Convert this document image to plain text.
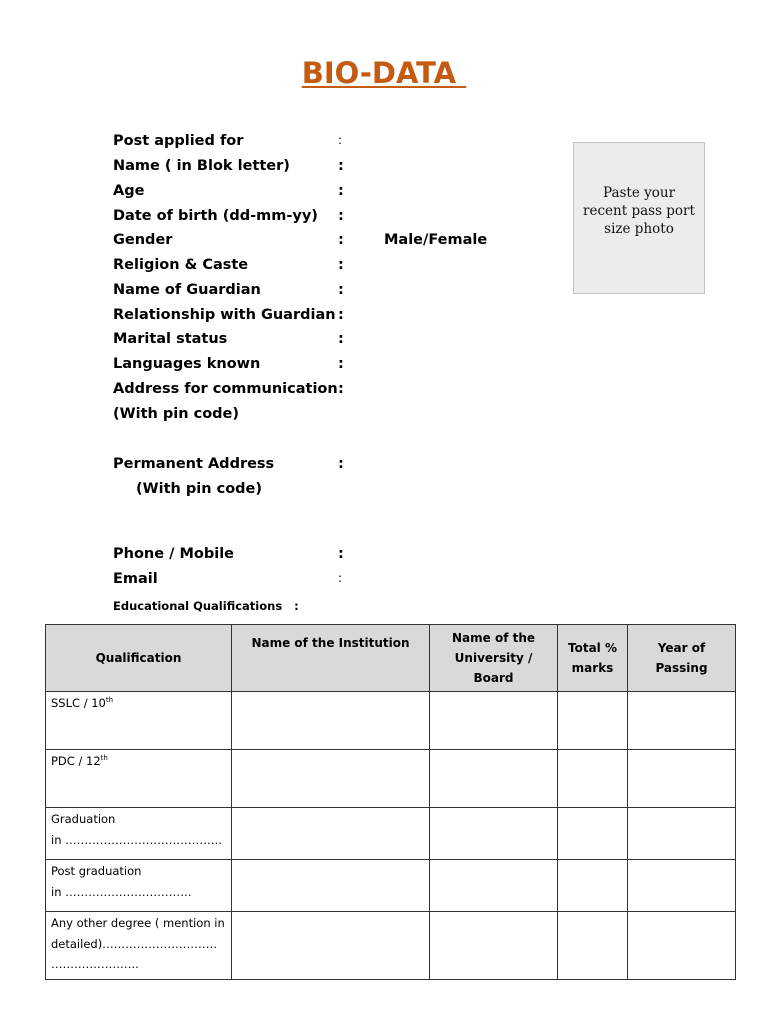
BIO-DATA
Post applied for	:
Name ( in Blok letter)	:
Age	:
Date of birth (dd-mm-yy) :
Gender	:	Male/Female
Religion & Caste	:
Name of Guardian	:
Relationship with Guardian :
Marital status	:
Languages known	:
Address for communication :
(With pin code)
Permanent Address	:
(With pin code)
Phone / Mobile	:
Email	:
Paste your recent pass port size photo
Educational Qualifications   :
Qualification	Name of the Institution	Name of the University / Board	Total % marks	Year of Passing
SSLC / 10th				
PDC / 12th				

Graduation
in …………………………………..				

Post graduation
in ……………………………				

Any other degree ( mention in
detailed)…………………………
…………………..				
